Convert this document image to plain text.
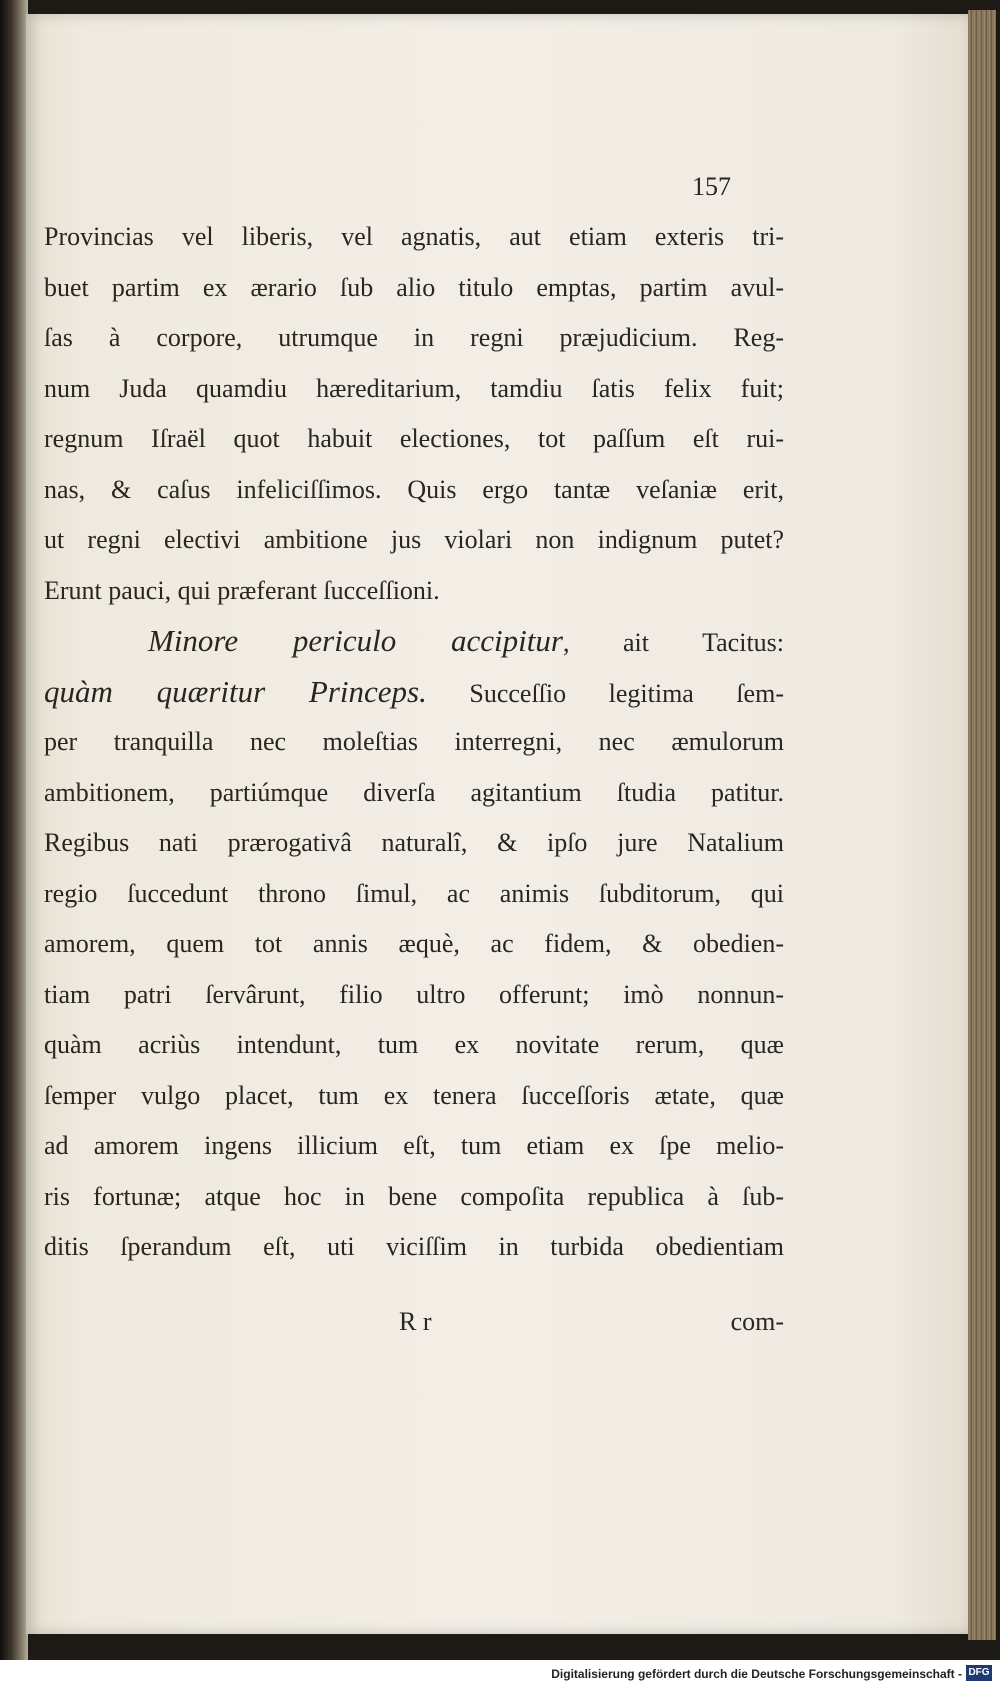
157
Provincias vel liberis, vel agnatis, aut etiam exteris tri-
buet partim ex ærario ſub alio titulo emptas, partim avul-
ſas à corpore, utrumque in regni præjudicium. Reg-
num Juda quamdiu hæreditarium, tamdiu ſatis felix fuit;
regnum Iſraël quot habuit electiones, tot paſſum eſt rui-
nas, & caſus infeliciſſimos. Quis ergo tantæ veſaniæ erit,
ut regni electivi ambitione jus violari non indignum putet?
Erunt pauci, qui præferant ſucceſſioni.
Minore periculo accipitur, ait Tacitus:
quàm quæritur Princeps. Succeſſio legitima ſem-
per tranquilla nec moleſtias interregni, nec æmulorum
ambitionem, partiúmque diverſa agitantium ſtudia patitur.
Regibus nati prærogativâ naturalî, & ipſo jure Natalium
regio ſuccedunt throno ſimul, ac animis ſubditorum, qui
amorem, quem tot annis æquè, ac fidem, & obedien-
tiam patri ſervârunt, filio ultro offerunt; imò nonnun-
quàm acriùs intendunt, tum ex novitate rerum, quæ
ſemper vulgo placet, tum ex tenera ſucceſſoris ætate, quæ
ad amorem ingens illicium eſt, tum etiam ex ſpe melio-
ris fortunæ; atque hoc in bene compoſita republica à ſub-
ditis ſperandum eſt, uti viciſſim in turbida obedientiam
R r	com-
Digitalisierung gefördert durch die Deutsche Forschungsgemeinschaft - DFG
